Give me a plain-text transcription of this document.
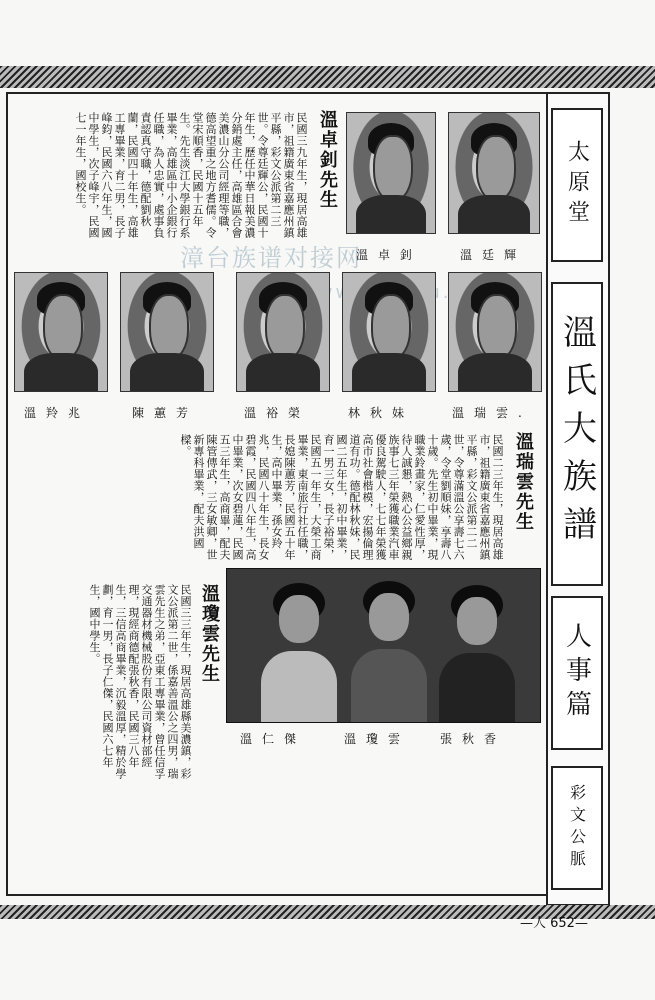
太原堂
溫氏大族譜
人事篇
彩文公脈
漳台族谱对接网	溫廷輝
溫卓釗
溫卓釗先生
民國三九年生，現居高雄市，祖籍廣東省嘉應州鎮平縣，彩文公派第二三世。令尊廷輝公，民國十年生，歷任中華日報美濃分銷處主任，高雄區合會美濃山分公司經理等職，德高望重之地方耆儒。令堂宋順香，民國十五年生。先生淡江大學銀行系畢業，高雄區中小企銀行任職，為人忠實，處事負責認真守職，德配劉秋蘭，民國四十年生，高雄工專畢業，育二男，長子峰鈞，民國六八年生，國中學生，次子峰宇，民國七一年生，國校生。
溫羚兆	陳蕙芳	溫裕榮	林秋妹	溫瑞雲.
溫瑞雲先生
民國二三年生，現居高雄市，祖籍廣東省嘉應州鎮平縣，彩文公派第二二世，令尊滿溫公享壽七六歲，令堂劉順妹，享壽八十歲。先生初中畢業，現職業鈴畫家，仁愛性厚，待人誠懇，熱心公益鄉親族事七三年榮獲職業汽車優良駕駛人，七七年榮獲高市社會楷模，宏揚倫理道有功。德配林秋妹，民國二五年生，初中畢業，育一男三女，長子裕榮，民國五一年生，大榮工商畢業，東南旅行社任職，長媳陳蕙芳，民國五十年生，高中畢業，孫女羚兆，民國八十年生，長女碧霞，民國四八年生，高中畢業，次女碧蓮，民國五三年生，高商畢，配夫陳管傳武，三女敏卿，世新專科畢業，配夫洪國樑。
溫仁傑	溫瓊雲 張秋香
溫瓊雲先生
民國三三年生，現居高雄縣美濃鎮，彩文公派第二世，係嘉善溫公之四男，瑞雲先生之弟，亞東工專畢業，曾任信孚交通器材機械股份有限公司資材部經理，現經商德配張秋香，民國三八年生，三信高商畢業，沉毅溫厚，精於學劃，育一男，長子仁傑，民國六七年生，國中學生。
—人 652—
